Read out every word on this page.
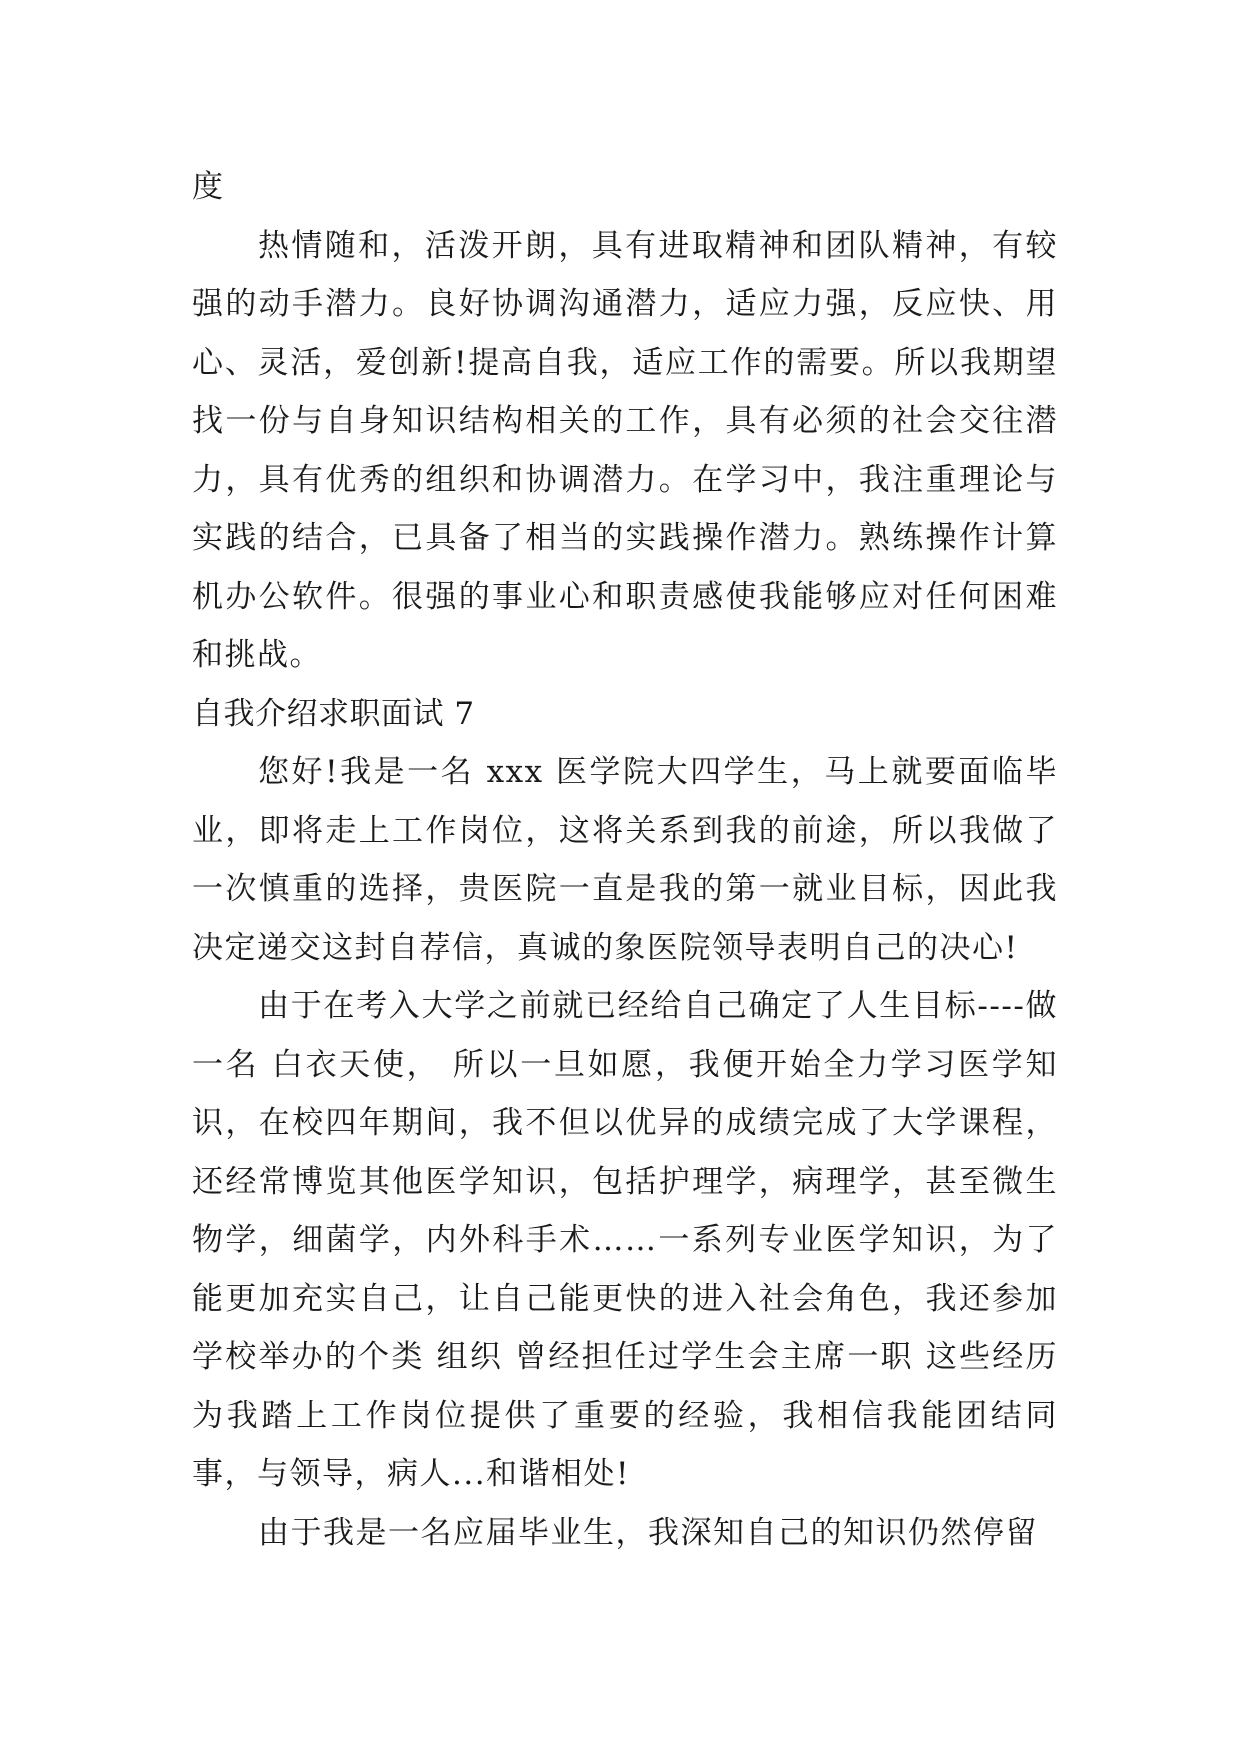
度

热情随和，活泼开朗，具有进取精神和团队精神，有较强的动手潜力。良好协调沟通潜力，适应力强，反应快、用心、灵活，爱创新!提高自我，适应工作的需要。所以我期望找一份与自身知识结构相关的工作，具有必须的社会交往潜力，具有优秀的组织和协调潜力。在学习中，我注重理论与实践的结合，已具备了相当的实践操作潜力。熟练操作计算机办公软件。很强的事业心和职责感使我能够应对任何困难和挑战。

自我介绍求职面试 7

您好!我是一名 xxx 医学院大四学生，马上就要面临毕业，即将走上工作岗位，这将关系到我的前途，所以我做了一次慎重的选择，贵医院一直是我的第一就业目标，因此我决定递交这封自荐信，真诚的象医院领导表明自己的决心!

由于在考入大学之前就已经给自己确定了人生目标----做一名 白衣天使， 所以一旦如愿，我便开始全力学习医学知识，在校四年期间，我不但以优异的成绩完成了大学课程，还经常博览其他医学知识，包括护理学，病理学，甚至微生物学，细菌学，内外科手术……一系列专业医学知识，为了能更加充实自己，让自己能更快的进入社会角色，我还参加学校举办的个类 组织 曾经担任过学生会主席一职 这些经历为我踏上工作岗位提供了重要的经验，我相信我能团结同事，与领导，病人...和谐相处!

由于我是一名应届毕业生，我深知自己的知识仍然停留
